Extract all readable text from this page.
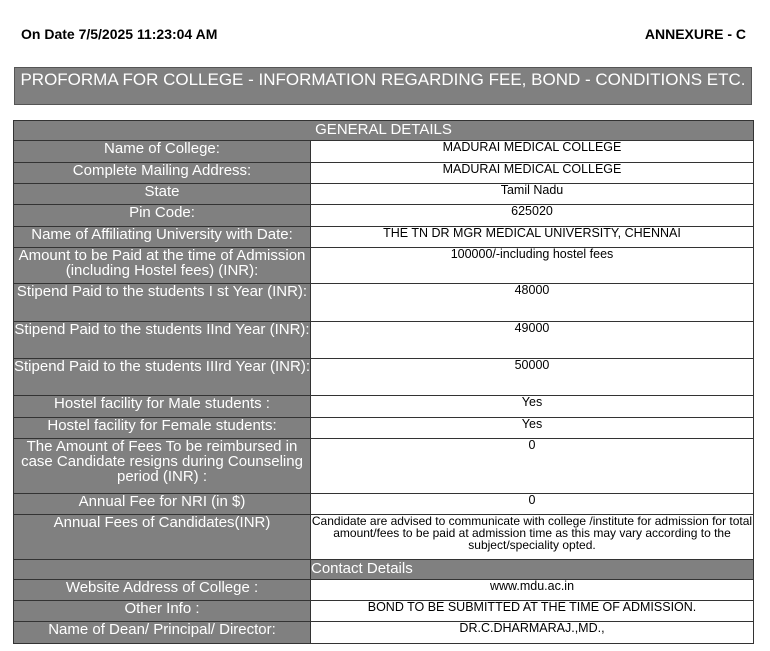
On Date 7/5/2025 11:23:04 AM	ANNEXURE - C
PROFORMA FOR COLLEGE - INFORMATION REGARDING FEE, BOND - CONDITIONS ETC.
GENERAL DETAILS	
Name of College:	MADURAI MEDICAL COLLEGE
Complete Mailing Address:	MADURAI MEDICAL COLLEGE
State	Tamil Nadu
Pin Code:	625020
Name of Affiliating University with Date:	THE TN DR MGR MEDICAL UNIVERSITY, CHENNAI
Amount to be Paid at the time of Admission (including Hostel fees) (INR):	100000/-including hostel fees
Stipend Paid to the students I st Year (INR):	48000
Stipend Paid to the students IInd Year (INR):	49000
Stipend Paid to the students IIIrd Year (INR):	50000
Hostel facility for Male students :	Yes
Hostel facility for Female students:	Yes
The Amount of Fees To be reimbursed in case Candidate resigns during Counseling period (INR) :	0
Annual Fee for NRI (in $)	0
Annual Fees of Candidates(INR)	Candidate are advised to communicate with college /institute for admission for total amount/fees to be paid at admission time as this may vary according to the subject/speciality opted.
	Contact Details
Website Address of College :	www.mdu.ac.in
Other Info :	BOND TO BE SUBMITTED AT THE TIME OF ADMISSION.
Name of Dean/ Principal/ Director:	DR.C.DHARMARAJ.,MD.,
